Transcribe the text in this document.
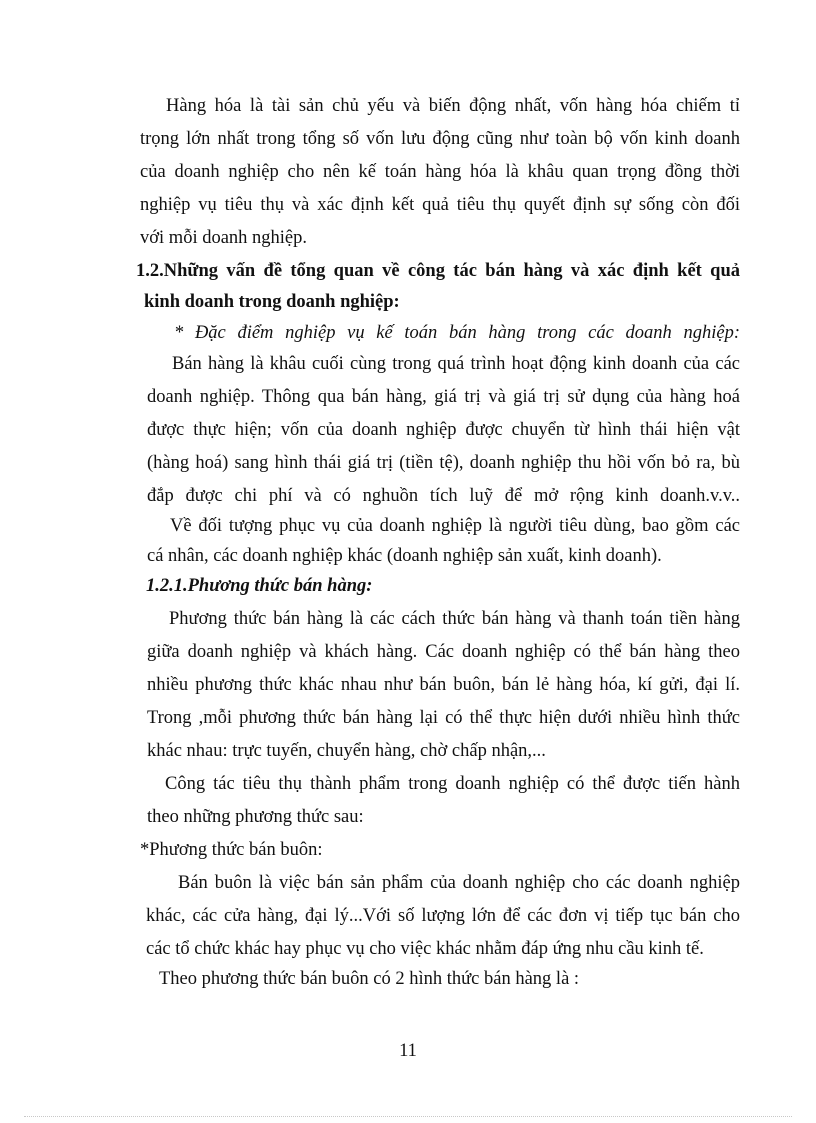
Hàng hóa là tài sản chủ yếu và biến động nhất, vốn hàng hóa chiếm tỉ
trọng lớn nhất trong tổng số vốn lưu động cũng như toàn bộ vốn kinh doanh
của doanh nghiệp cho nên kế toán hàng hóa là khâu quan trọng đồng thời
nghiệp vụ tiêu thụ và xác định kết quả tiêu thụ quyết định sự sống còn đối
với mỗi doanh nghiệp.
1.2.Những vấn đề tổng quan về công tác bán hàng và xác định kết quả
kinh doanh trong doanh nghiệp:
* Đặc điểm nghiệp vụ kế toán bán hàng trong các doanh nghiệp:
Bán hàng là khâu cuối cùng trong quá trình hoạt động kinh doanh của các
doanh nghiệp. Thông qua bán hàng, giá trị và giá trị sử dụng của hàng hoá
được thực hiện; vốn của doanh nghiệp được chuyển từ hình thái hiện vật
(hàng hoá) sang hình thái giá trị (tiền tệ), doanh nghiệp thu hồi vốn bỏ ra, bù
đắp được chi phí và có nghuồn tích luỹ để mở rộng kinh doanh.v.v..
Về đối tượng phục vụ của doanh nghiệp là người tiêu dùng, bao gồm các
cá nhân, các doanh nghiệp khác (doanh nghiệp sản xuất, kinh doanh).
1.2.1.Phương thức bán hàng:
Phương thức bán hàng là các cách thức bán hàng và thanh toán tiền hàng
giữa doanh nghiệp và khách hàng. Các doanh nghiệp có thể bán hàng theo
nhiều phương thức khác nhau như bán buôn, bán lẻ hàng hóa, kí gửi, đại lí.
Trong ,mỗi phương thức bán hàng lại có thể thực hiện dưới nhiều hình thức
khác nhau: trực tuyến, chuyển hàng, chờ chấp nhận,...
Công tác tiêu thụ thành phẩm trong doanh nghiệp có thể được tiến hành
theo những phương thức sau:
*Phương thức bán buôn:
Bán buôn là việc bán sản phẩm của doanh nghiệp cho các doanh nghiệp
khác, các cửa hàng, đại lý...Với số lượng lớn để các đơn vị tiếp tục bán cho
các tổ chức khác hay phục vụ cho việc khác nhằm đáp ứng nhu cầu kinh tế.
Theo phương thức bán buôn có 2 hình thức bán hàng là :
11
